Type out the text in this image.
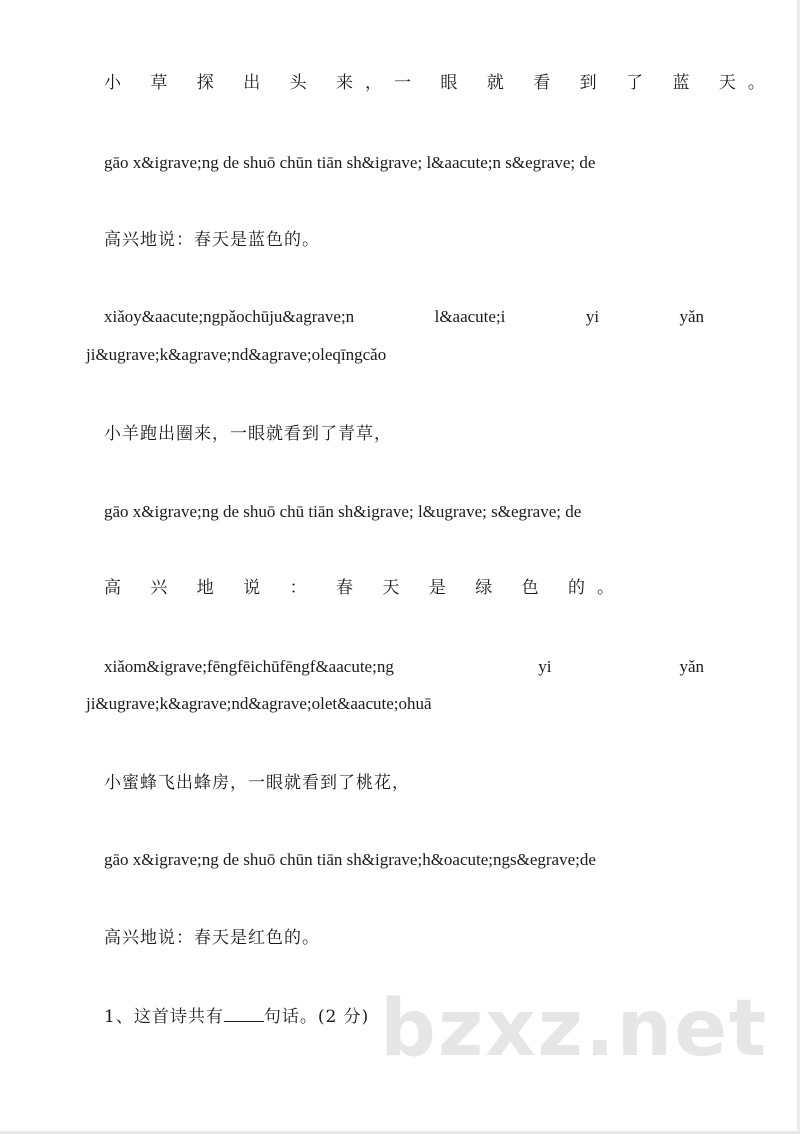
小 草 探 出 头 来，一 眼 就 看 到 了 蓝 天。
gāo x&igrave;ng de shuō chūn tiān sh&igrave; l&aacute;n s&egrave; de
高兴地说：春天是蓝色的。
xiǎoy&aacute;ngpǎochūju&agrave;n	l&aacute;i	yi	yǎn
ji&ugrave;k&agrave;nd&agrave;oleqīngcǎo
小羊跑出圈来，一眼就看到了青草，
gāo x&igrave;ng de shuō chū tiān sh&igrave; l&ugrave; s&egrave; de
高 兴 地 说 ： 春 天 是 绿 色 的。
xiǎom&igrave;fēngfēichūfēngf&aacute;ng	yi	yǎn
ji&ugrave;k&agrave;nd&agrave;olet&aacute;ohuā
小蜜蜂飞出蜂房，一眼就看到了桃花，
gāo x&igrave;ng de shuō chūn tiān sh&igrave;h&oacute;ngs&egrave;de
高兴地说：春天是红色的。
1、这首诗共有 句话。(2 分) bzxz.net
